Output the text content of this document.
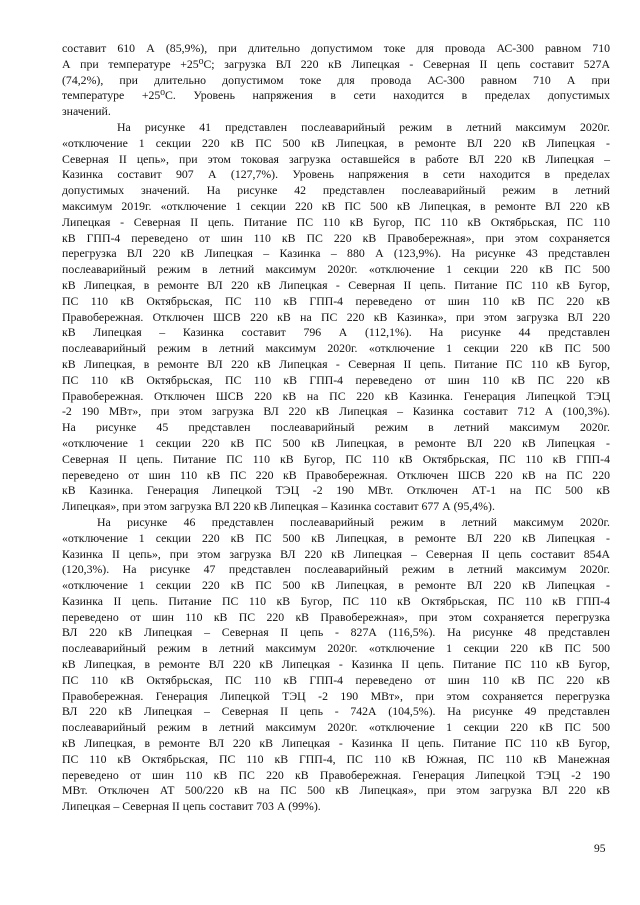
составит 610 А (85,9%), при длительно допустимом токе для провода АС-300 равном 710
А при температуре +25⁰С; загрузка ВЛ 220 кВ Липецкая - Северная II цепь составит 527А
(74,2%), при длительно допустимом токе для провода АС-300 равном 710 А при
температуре +25⁰С. Уровень напряжения в сети находится в пределах допустимых
значений.

Нa рисунке 41 представлен послеаварийный режим в летний максимум 2020г.
«отключение 1 секции 220 кВ ПС 500 кВ Липецкая, в ремонте ВЛ 220 кВ Липецкая -
Северная II цепь», при этом токовая загрузка оставшейся в работе ВЛ 220 кВ Липецкая –
Казинка составит 907 А (127,7%). Уровень напряжения в сети находится в пределах
допустимых значений. На рисунке 42 представлен послеаварийный режим в летний
максимум 2019г. «отключение 1 секции 220 кВ ПС 500 кВ Липецкая, в ремонте ВЛ 220 кВ
Липецкая - Северная II цепь. Питание ПС 110 кВ Бугор, ПС 110 кВ Октябрьская, ПС 110
кВ ГПП-4 переведено от шин 110 кВ ПС 220 кВ Правобережная», при этом сохраняется
перегрузка ВЛ 220 кВ Липецкая – Казинка – 880 А (123,9%). На рисунке 43 представлен
послеаварийный режим в летний максимум 2020г. «отключение 1 секции 220 кВ ПС 500
кВ Липецкая, в ремонте ВЛ 220 кВ Липецкая - Северная II цепь. Питание ПС 110 кВ Бугор,
ПС 110 кВ Октябрьская, ПС 110 кВ ГПП-4 переведено от шин 110 кВ ПС 220 кВ
Правобережная. Отключен ШСВ 220 кВ на ПС 220 кВ Казинка», при этом загрузка ВЛ 220
кВ Липецкая – Казинка составит 796 А (112,1%). На рисунке 44 представлен
послеаварийный режим в летний максимум 2020г. «отключение 1 секции 220 кВ ПС 500
кВ Липецкая, в ремонте ВЛ 220 кВ Липецкая - Северная II цепь. Питание ПС 110 кВ Бугор,
ПС 110 кВ Октябрьская, ПС 110 кВ ГПП-4 переведено от шин 110 кВ ПС 220 кВ
Правобережная. Отключен ШСВ 220 кВ на ПС 220 кВ Казинка. Генерация Липецкой ТЭЦ
-2 190 МВт», при этом загрузка ВЛ 220 кВ Липецкая – Казинка составит 712 А (100,3%).
На рисунке 45 представлен послеаварийный режим в летний максимум 2020г.
«отключение 1 секции 220 кВ ПС 500 кВ Липецкая, в ремонте ВЛ 220 кВ Липецкая -
Северная II цепь. Питание ПС 110 кВ Бугор, ПС 110 кВ Октябрьская, ПС 110 кВ ГПП-4
переведено от шин 110 кВ ПС 220 кВ Правобережная. Отключен ШСВ 220 кВ на ПС 220
кВ Казинка. Генерация Липецкой ТЭЦ -2 190 МВт. Отключен АТ-1 на ПС 500 кВ
Липецкая», при этом загрузка ВЛ 220 кВ Липецкая – Казинка составит 677 А (95,4%).

На рисунке 46 представлен послеаварийный режим в летний максимум 2020г.
«отключение 1 секции 220 кВ ПС 500 кВ Липецкая, в ремонте ВЛ 220 кВ Липецкая -
Казинка II цепь», при этом загрузка ВЛ 220 кВ Липецкая – Северная II цепь составит 854А
(120,3%). На рисунке 47 представлен послеаварийный режим в летний максимум 2020г.
«отключение 1 секции 220 кВ ПС 500 кВ Липецкая, в ремонте ВЛ 220 кВ Липецкая -
Казинка II цепь. Питание ПС 110 кВ Бугор, ПС 110 кВ Октябрьская, ПС 110 кВ ГПП-4
переведено от шин 110 кВ ПС 220 кВ Правобережная», при этом сохраняется перегрузка
ВЛ 220 кВ Липецкая – Северная II цепь - 827А (116,5%). На рисунке 48 представлен
послеаварийный режим в летний максимум 2020г. «отключение 1 секции 220 кВ ПС 500
кВ Липецкая, в ремонте ВЛ 220 кВ Липецкая - Казинка II цепь. Питание ПС 110 кВ Бугор,
ПС 110 кВ Октябрьская, ПС 110 кВ ГПП-4 переведено от шин 110 кВ ПС 220 кВ
Правобережная. Генерация Липецкой ТЭЦ -2 190 МВт», при этом сохраняется перегрузка
ВЛ 220 кВ Липецкая – Северная II цепь - 742А (104,5%). На рисунке 49 представлен
послеаварийный режим в летний максимум 2020г. «отключение 1 секции 220 кВ ПС 500
кВ Липецкая, в ремонте ВЛ 220 кВ Липецкая - Казинка II цепь. Питание ПС 110 кВ Бугор,
ПС 110 кВ Октябрьская, ПС 110 кВ ГПП-4, ПС 110 кВ Южная, ПС 110 кВ Манежная
переведено от шин 110 кВ ПС 220 кВ Правобережная. Генерация Липецкой ТЭЦ -2 190
МВт. Отключен АТ 500/220 кВ на ПС 500 кВ Липецкая», при этом загрузка ВЛ 220 кВ
Липецкая – Северная II цепь составит 703 А (99%).

95
